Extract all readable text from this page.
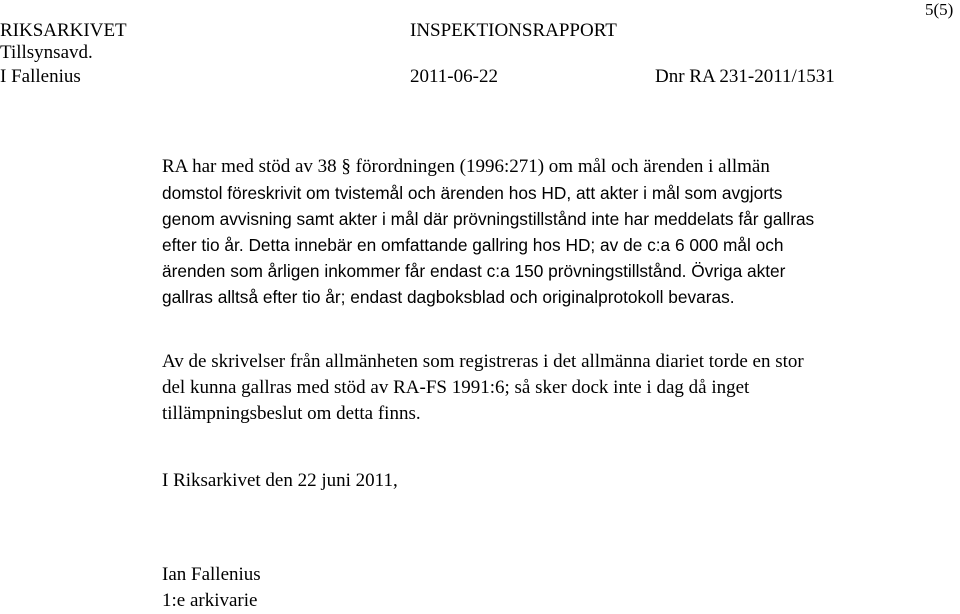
RIKSARKIVET	INSPEKTIONSRAPPORT
5(5)
Tillsynsavd.
I Fallenius	2011-06-22	Dnr RA 231-2011/1531
RA har med stöd av 38 § förordningen (1996:271) om mål och ärenden i allmän
domstol föreskrivit om tvistemål och ärenden hos HD, att akter i mål som avgjorts
genom avvisning samt akter i mål där prövningstillstånd inte har meddelats får gallras
efter tio år. Detta innebär en omfattande gallring hos HD; av de c:a 6 000 mål och
ärenden som årligen inkommer får endast c:a 150 prövningstillstånd. Övriga akter
gallras alltså efter tio år; endast dagboksblad och originalprotokoll bevaras.
Av de skrivelser från allmänheten som registreras i det allmänna diariet torde en stor
del kunna gallras med stöd av RA-FS 1991:6; så sker dock inte i dag då inget
tillämpningsbeslut om detta finns.
I Riksarkivet den 22 juni 2011,
Ian Fallenius
1:e arkivarie
